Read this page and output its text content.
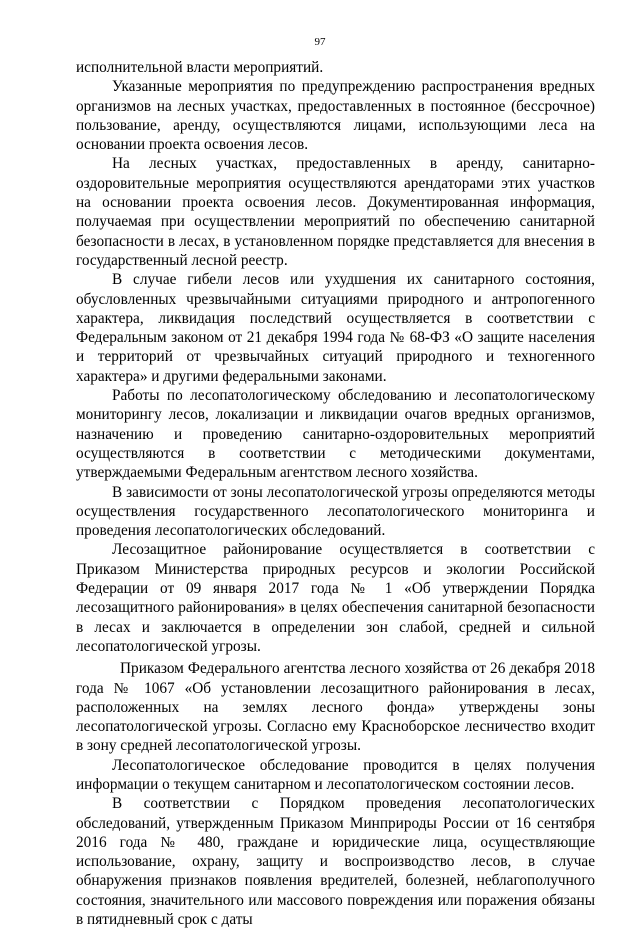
97

исполнительной власти мероприятий.

Указанные мероприятия по предупреждению распространения вредных организмов на лесных участках, предоставленных в постоянное (бессрочное) пользование, аренду, осуществляются лицами, использующими леса на основании проекта освоения лесов.

На лесных участках, предоставленных в аренду, санитарно-оздоровительные мероприятия осуществляются арендаторами этих участков на основании проекта освоения лесов. Документированная информация, получаемая при осуществлении мероприятий по обеспечению санитарной безопасности в лесах, в установленном порядке представляется для внесения в государственный лесной реестр.

В случае гибели лесов или ухудшения их санитарного состояния, обусловленных чрезвычайными ситуациями природного и антропогенного характера, ликвидация последствий осуществляется в соответствии с Федеральным законом от 21 декабря 1994 года № 68-ФЗ «О защите населения и территорий от чрезвычайных ситуаций природного и техногенного характера» и другими федеральными законами.

Работы по лесопатологическому обследованию и лесопатологическому мониторингу лесов, локализации и ликвидации очагов вредных организмов, назначению и проведению санитарно-оздоровительных мероприятий осуществляются в соответствии с методическими документами, утверждаемыми Федеральным агентством лесного хозяйства.

В зависимости от зоны лесопатологической угрозы определяются методы осуществления государственного лесопатологического мониторинга и проведения лесопатологических обследований.

Лесозащитное районирование осуществляется в соответствии с Приказом Министерства природных ресурсов и экологии Российской Федерации от 09 января 2017 года № 1 «Об утверждении Порядка лесозащитного районирования» в целях обеспечения санитарной безопасности в лесах и заключается в определении зон слабой, средней и сильной лесопатологической угрозы.

Приказом Федерального агентства лесного хозяйства от 26 декабря 2018 года № 1067 «Об установлении лесозащитного районирования в лесах, расположенных на землях лесного фонда» утверждены зоны лесопатологической угрозы. Согласно ему Красноборское лесничество входит в зону средней лесопатологической угрозы.

Лесопатологическое обследование проводится в целях получения информации о текущем санитарном и лесопатологическом состоянии лесов.

В соответствии с Порядком проведения лесопатологических обследований, утвержденным Приказом Минприроды России от 16 сентября 2016 года № 480, граждане и юридические лица, осуществляющие использование, охрану, защиту и воспроизводство лесов, в случае обнаружения признаков появления вредителей, болезней, неблагополучного состояния, значительного или массового повреждения или поражения обязаны в пятидневный срок с даты
